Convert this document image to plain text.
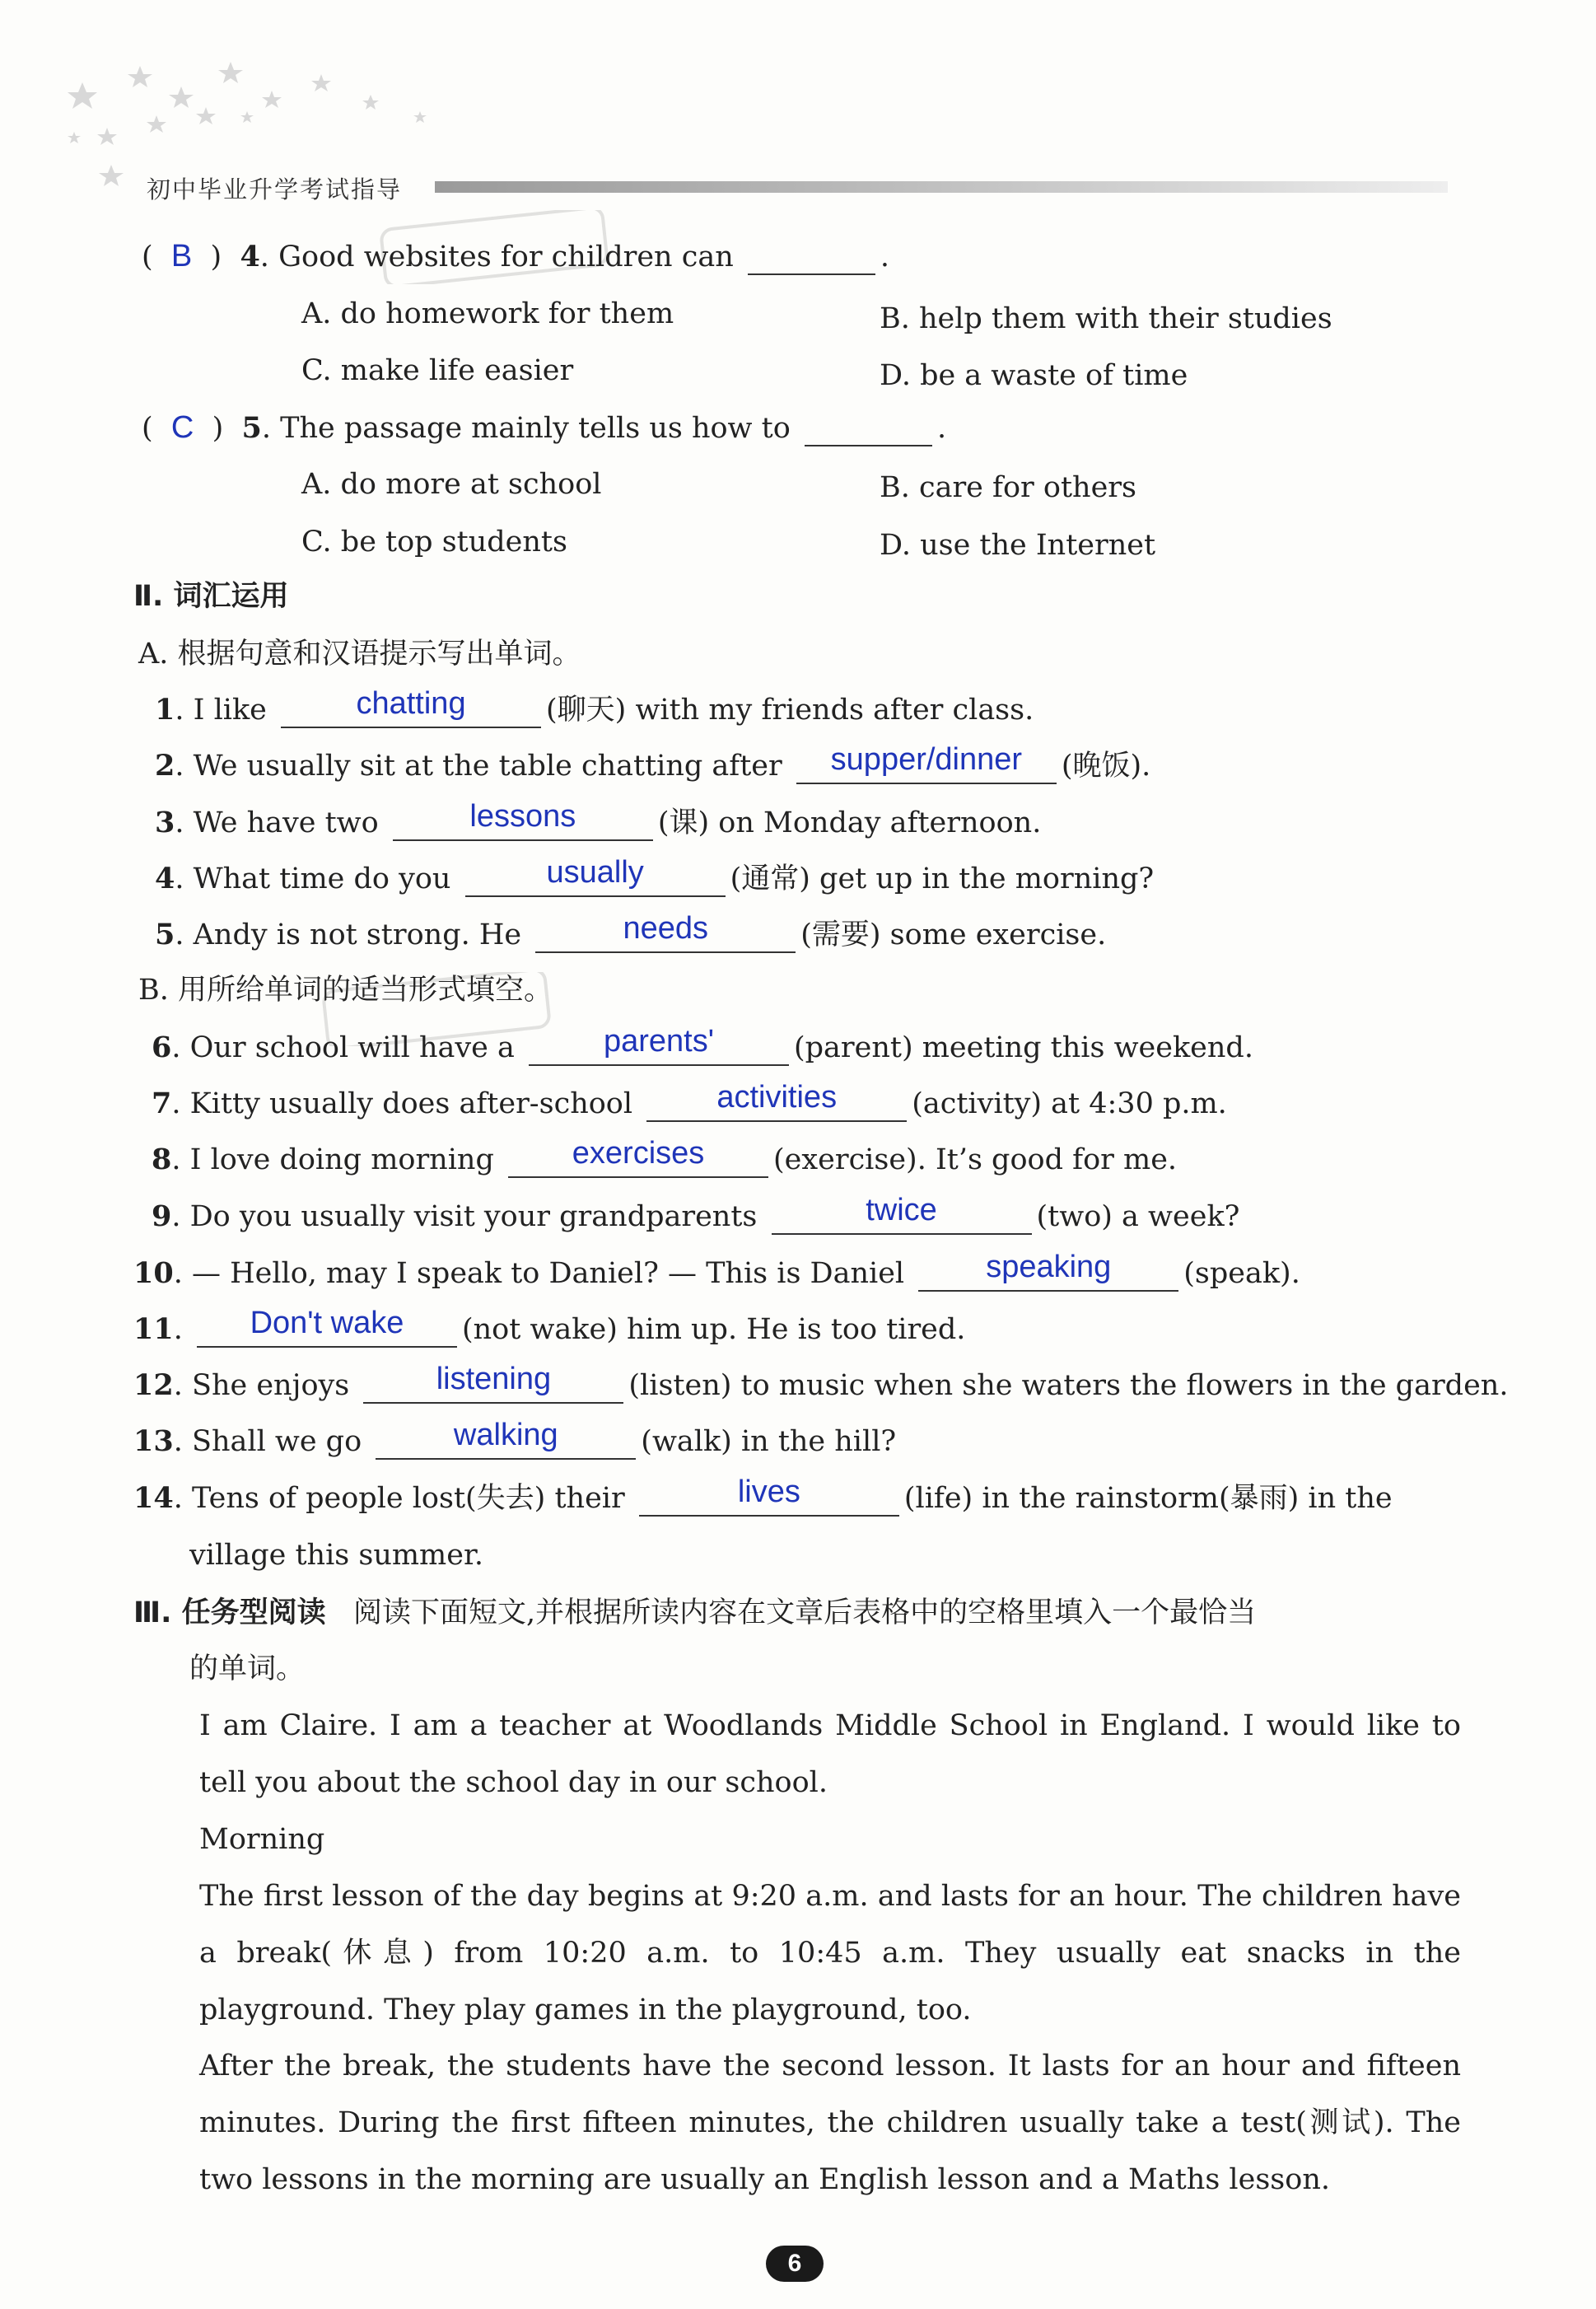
初中毕业升学考试指导
(  B  )  4. Good websites for children can	.
A. do homework for them	B. help them with their studies
C. make life easier	D. be a waste of time
(  C  )  5. The passage mainly tells us how to	.
A. do more at school	B. care for others
C. be top students	D. use the Internet
Ⅱ. 词汇运用
A. 根据句意和汉语提示写出单词。
1. I like	chatting	(聊天) with my friends after class.
2. We usually sit at the table chatting after	supper/dinner	(晚饭).
3. We have two	lessons	(课) on Monday afternoon.
4. What time do you	usually	(通常) get up in the morning?
5. Andy is not strong. He	needs	(需要) some exercise.
B. 用所给单词的适当形式填空。
6. Our school will have a	parents'	(parent) meeting this weekend.
7. Kitty usually does after-school	activities	(activity) at 4:30 p.m.
8. I love doing morning	exercises	(exercise). It’s good for me.
9. Do you usually visit your grandparents	twice	(two) a week?
10. — Hello, may I speak to Daniel? — This is Daniel	speaking	(speak).
11.	Don't wake	(not wake) him up. He is too tired.
12. She enjoys	listening	(listen) to music when she waters the flowers in the garden.
13. Shall we go	walking	(walk) in the hill?
14. Tens of people lost(失去) their	lives	(life) in the rainstorm(暴雨) in the
village this summer.
Ⅲ. 任务型阅读 阅读下面短文,并根据所读内容在文章后表格中的空格里填入一个最恰当
的单词。
I am Claire. I am a teacher at Woodlands Middle School in England. I would like to tell you about the school day in our school.
Morning
The first lesson of the day begins at 9:20 a.m. and lasts for an hour. The children have a break(休息) from 10:20 a.m. to 10:45 a.m. They usually eat snacks in the playground. They play games in the playground, too.
After the break, the students have the second lesson. It lasts for an hour and fifteen minutes. During the first fifteen minutes, the children usually take a test(测试). The two lessons in the morning are usually an English lesson and a Maths lesson.
6
